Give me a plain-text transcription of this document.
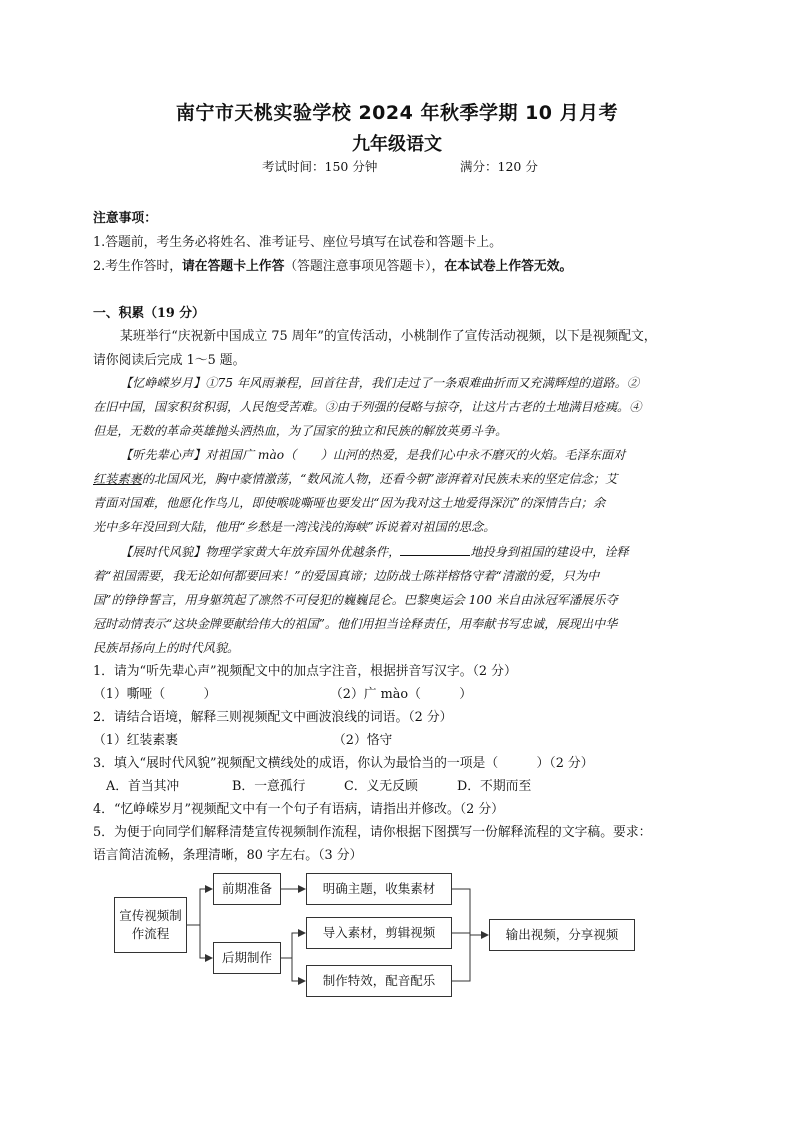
南宁市天桃实验学校 2024 年秋季学期 10 月月考
九年级语文
考试时间：150 分钟	满分：120 分
注意事项：
1.答题前，考生务必将姓名、准考证号、座位号填写在试卷和答题卡上。
2.考生作答时，请在答题卡上作答（答题注意事项见答题卡），在本试卷上作答无效。
一、积累（19 分）
某班举行“庆祝新中国成立 75 周年”的宣传活动，小桃制作了宣传活动视频，以下是视频配文，
请你阅读后完成 1～5 题。
【忆峥嵘岁月】①75 年风雨兼程，回首往昔，我们走过了一条艰难曲折而又充满辉煌的道路。②
在旧中国，国家积贫积弱，人民饱受苦难。③由于列强的侵略与掠夺，让这片古老的土地满目疮痍。④
但是，无数的革命英雄抛头洒热血，为了国家的独立和民族的解放英勇斗争。
【听先辈心声】对祖国广 mào（　　）山河的热爱，是我们心中永不磨灭的火焰。毛泽东面对
红装素裹的北国风光，胸中豪情激荡，“数风流人物，还看今朝”澎湃着对民族未来的坚定信念；艾
青面对国难，他愿化作鸟儿，即使喉咙嘶哑也要发出“因为我对这土地爱得深沉”的深情告白；余
光中多年没回到大陆，他用“乡愁是一湾浅浅的海峡”诉说着对祖国的思念。
【展时代风貌】物理学家黄大年放弃国外优越条件，	地投身到祖国的建设中，诠释
着“祖国需要，我无论如何都要回来！”的爱国真谛；边防战士陈祥榕恪守着“清澈的爱，只为中
国”的铮铮誓言，用身躯筑起了凛然不可侵犯的巍巍昆仑。巴黎奥运会 100 米自由泳冠军潘展乐夺
冠时动情表示“这块金牌要献给伟大的祖国”。他们用担当诠释责任，用奉献书写忠诚，展现出中华
民族昂扬向上的时代风貌。
1．请为“听先辈心声”视频配文中的加点字注音，根据拼音写汉字。（2 分）
（1）嘶哑（　　　）	（2）广 mào（　　　）
2．请结合语境，解释三则视频配文中画波浪线的词语。（2 分）
（1）红装素裹	（2）恪守
3．填入“展时代风貌”视频配文横线处的成语，你认为最恰当的一项是（　　　）（2 分）
A．首当其冲	B．一意孤行	C．义无反顾	D．不期而至
4．“忆峥嵘岁月”视频配文中有一个句子有语病，请指出并修改。（2 分）
5．为便于向同学们解释清楚宣传视频制作流程，请你根据下图撰写一份解释流程的文字稿。要求：
语言简洁流畅，条理清晰，80 字左右。（3 分）
宣传视频制作流程
前期准备
后期制作
明确主题，收集素材
导入素材，剪辑视频
制作特效，配音配乐
输出视频，分享视频
